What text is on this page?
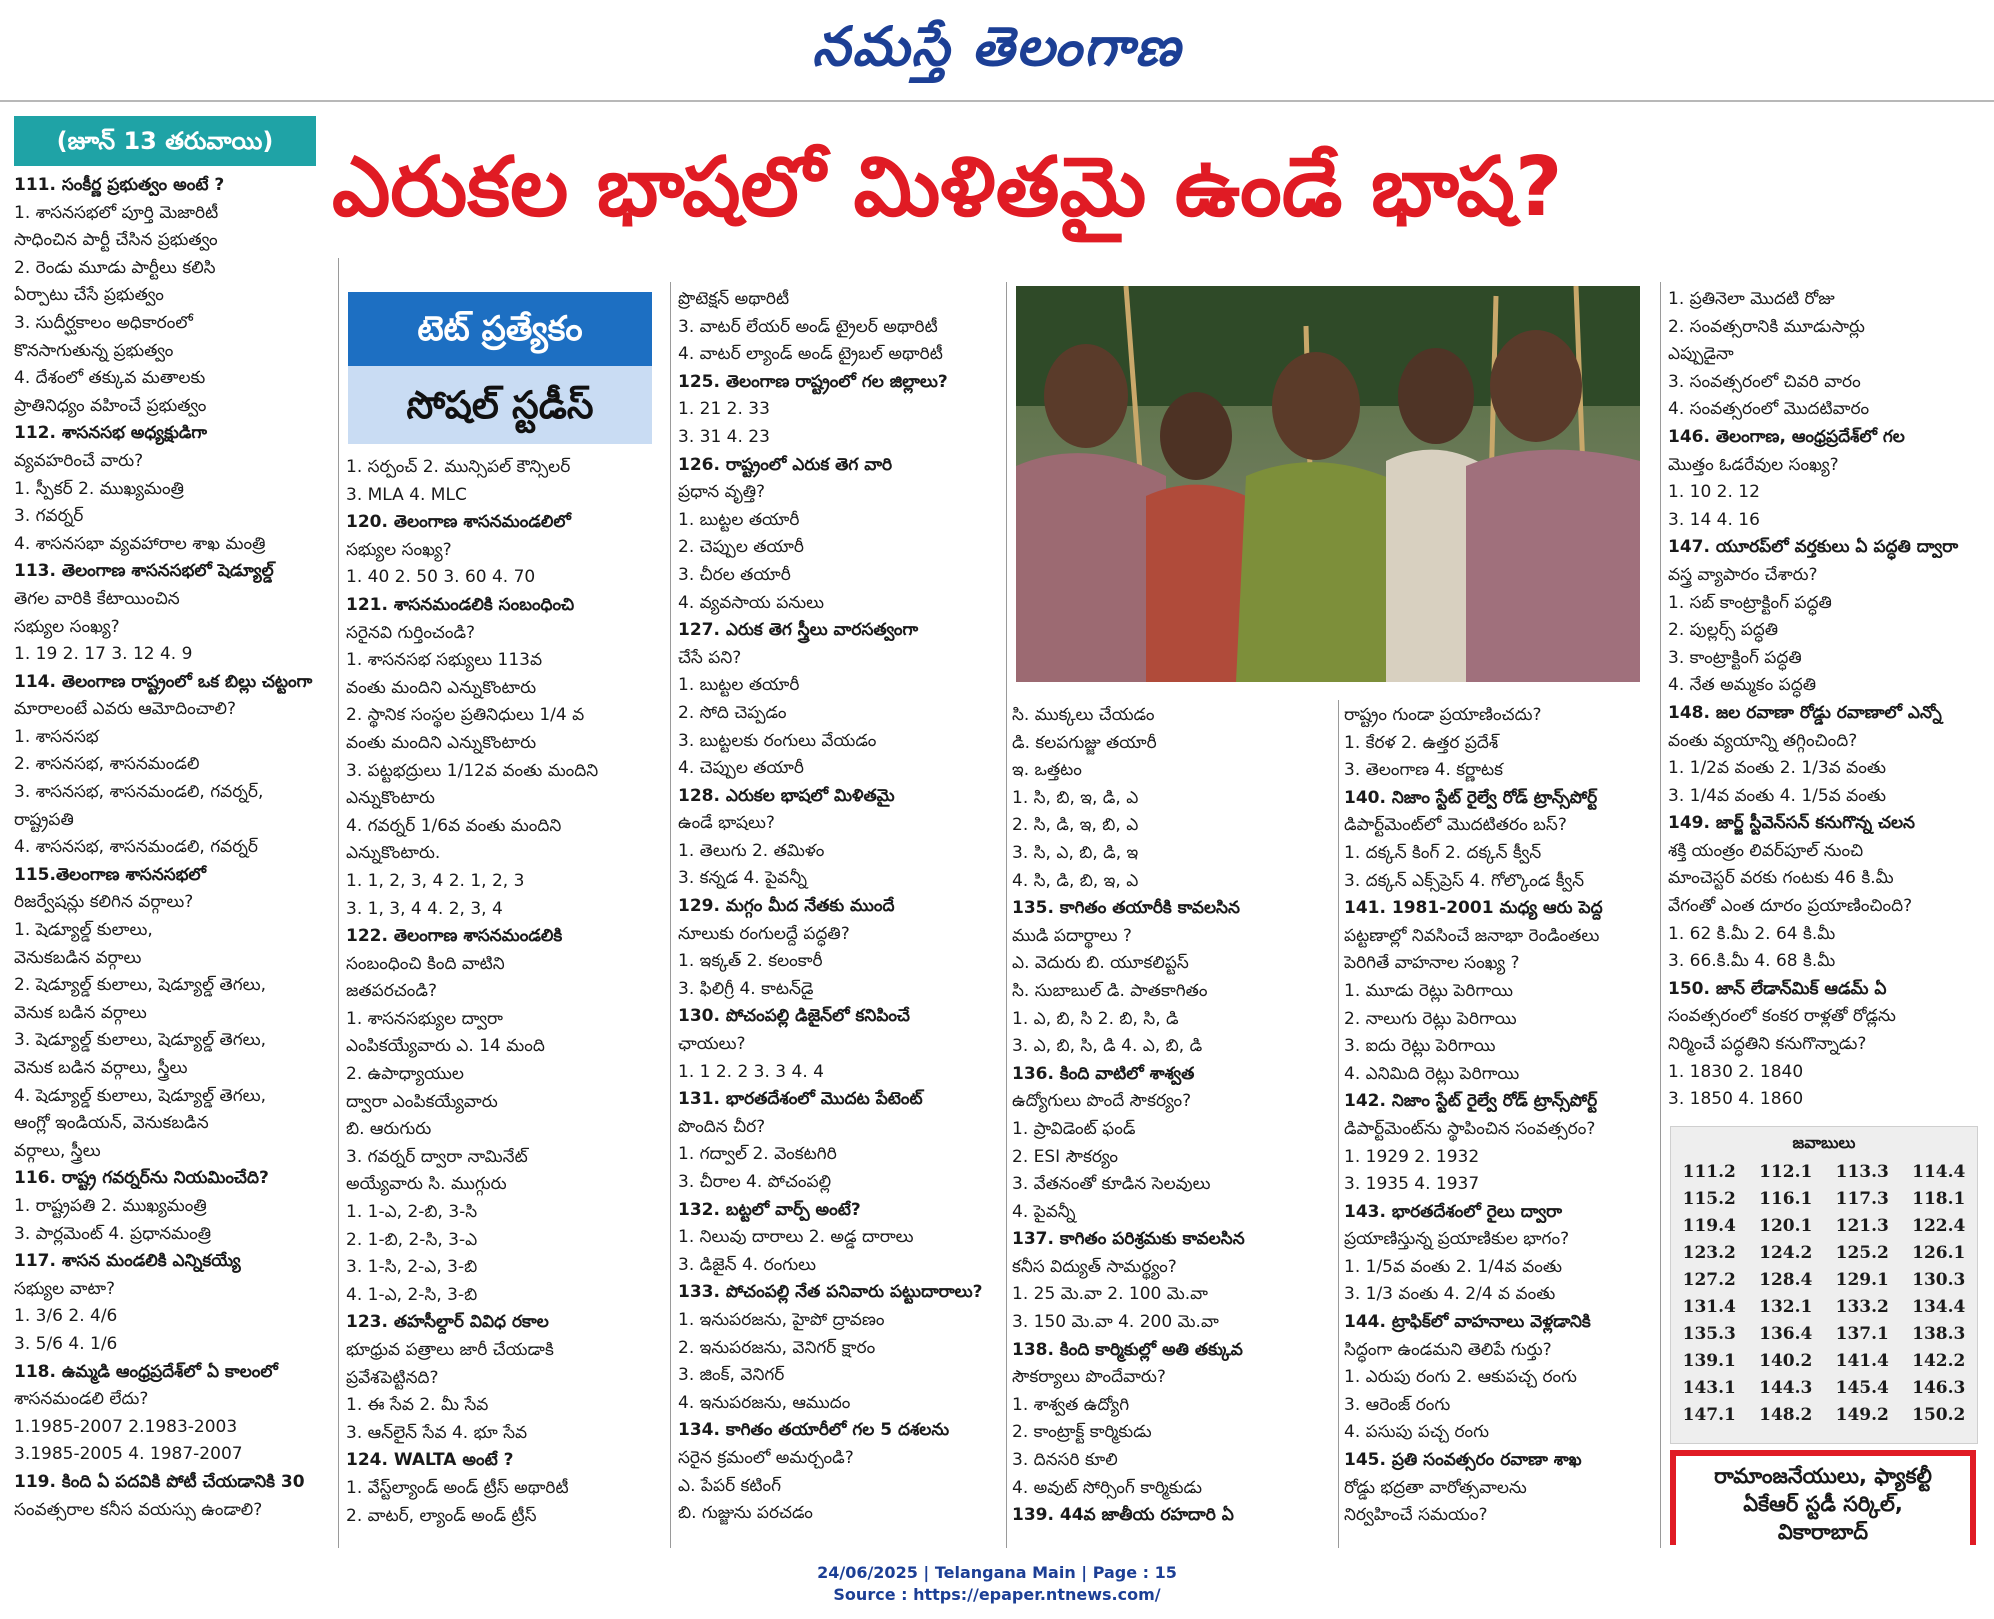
నమస్తే తెలంగాణ
(జూన్ 13 తరువాయి) ఎరుకల భాషలో మిళితమై ఉండే భాష?
111. సంకీర్ణ ప్రభుత్వం అంటే ?
1. శాసనసభలో పూర్తి మెజారిటీ
సాధించిన పార్టీ చేసిన ప్రభుత్వం
2. రెండు మూడు పార్టీలు కలిసి
ఏర్పాటు చేసే ప్రభుత్వం
3. సుదీర్ఘకాలం అధికారంలో
కొనసాగుతున్న ప్రభుత్వం
4. దేశంలో తక్కువ మతాలకు
ప్రాతినిధ్యం వహించే ప్రభుత్వం
112. శాసనసభ అధ్యక్షుడిగా
వ్యవహరించే వారు?
1. స్పీకర్ 2. ముఖ్యమంత్రి
3. గవర్నర్
4. శాసనసభా వ్యవహారాల శాఖ మంత్రి
113. తెలంగాణ శాసనసభలో షెడ్యూల్డ్
తెగల వారికి కేటాయించిన
సభ్యుల సంఖ్య?
1. 19 2. 17 3. 12 4. 9
114. తెలంగాణ రాష్ట్రంలో ఒక బిల్లు చట్టంగా
మారాలంటే ఎవరు ఆమోదించాలి?
1. శాసనసభ
2. శాసనసభ, శాసనమండలి
3. శాసనసభ, శాసనమండలి, గవర్నర్,
రాష్ట్రపతి
4. శాసనసభ, శాసనమండలి, గవర్నర్
115.తెలంగాణ శాసనసభలో
రిజర్వేషన్లు కలిగిన వర్గాలు?
1. షెడ్యూల్డ్ కులాలు,
వెనుకబడిన వర్గాలు
2. షెడ్యూల్డ్ కులాలు, షెడ్యూల్డ్ తెగలు,
వెనుక బడిన వర్గాలు
3. షెడ్యూల్డ్ కులాలు, షెడ్యూల్డ్ తెగలు,
వెనుక బడిన వర్గాలు, స్త్రీలు
4. షెడ్యూల్డ్ కులాలు, షెడ్యూల్డ్ తెగలు,
ఆంగ్లో ఇండియన్, వెనుకబడిన
వర్గాలు, స్త్రీలు
116. రాష్ట్ర గవర్నర్‌ను నియమించేది?
1. రాష్ట్రపతి 2. ముఖ్యమంత్రి
3. పార్లమెంట్ 4. ప్రధానమంత్రి
117. శాసన మండలికి ఎన్నికయ్యే
సభ్యుల వాటా?
1. 3/6 2. 4/6
3. 5/6 4. 1/6
118. ఉమ్మడి ఆంధ్రప్రదేశ్‌లో ఏ కాలంలో
శాసనమండలి లేదు?
1.1985-2007 2.1983-2003
3.1985-2005 4. 1987-2007
119. కింది ఏ పదవికి పోటీ చేయడానికి 30
సంవత్సరాల కనీస వయస్సు ఉండాలి?
టెట్ ప్రత్యేకం
సోషల్ స్టడీస్
1. సర్పంచ్ 2. మున్సిపల్ కౌన్సిలర్
3. MLA 4. MLC
120. తెలంగాణ శాసనమండలిలో
సభ్యుల సంఖ్య?
1. 40 2. 50 3. 60 4. 70
121. శాసనమండలికి సంబంధించి
సరైనవి గుర్తించండి?
1. శాసనసభ సభ్యులు 113వ
వంతు మందిని ఎన్నుకొంటారు
2. స్థానిక సంస్థల ప్రతినిధులు 1/4 వ
వంతు మందిని ఎన్నుకొంటారు
3. పట్టభద్రులు 1/12వ వంతు మందిని
ఎన్నుకొంటారు
4. గవర్నర్ 1/6వ వంతు మందిని
ఎన్నుకొంటారు.
1. 1, 2, 3, 4 2. 1, 2, 3
3. 1, 3, 4 4. 2, 3, 4
122. తెలంగాణ శాసనమండలికి
సంబంధించి కింది వాటిని
జతపరచండి?
1. శాసనసభ్యుల ద్వారా
ఎంపికయ్యేవారు ఎ. 14 మంది
2. ఉపాధ్యాయుల
ద్వారా ఎంపికయ్యేవారు
బి. ఆరుగురు
3. గవర్నర్ ద్వారా నామినేట్
అయ్యేవారు సి. ముగ్గురు
1. 1-ఎ, 2-బి, 3-సి
2. 1-బి, 2-సి, 3-ఎ
3. 1-సి, 2-ఎ, 3-బి
4. 1-ఎ, 2-సి, 3-బి
123. తహసీల్దార్ వివిధ రకాల
భూధ్రువ పత్రాలు జారీ చేయడాకి
ప్రవేశపెట్టినది?
1. ఈ సేవ 2. మీ సేవ
3. ఆన్‌లైన్ సేవ 4. భూ సేవ
124. WALTA అంటే ?
1. వేస్ట్‌ల్యాండ్ అండ్ ట్రీస్ అథారిటీ
2. వాటర్, ల్యాండ్ అండ్ ట్రీస్
ప్రొటెక్షన్ అథారిటీ
3. వాటర్ లేయర్ అండ్ ట్రైలర్ అథారిటీ
4. వాటర్ ల్యాండ్ అండ్ ట్రైబల్ అథారిటీ
125. తెలంగాణ రాష్ట్రంలో గల జిల్లాలు?
1. 21 2. 33
3. 31 4. 23
126. రాష్ట్రంలో ఎరుక తెగ వారి
ప్రధాన వృత్తి?
1. బుట్టల తయారీ
2. చెప్పుల తయారీ
3. చీరల తయారీ
4. వ్యవసాయ పనులు
127. ఎరుక తెగ స్త్రీలు వారసత్వంగా
చేసే పని?
1. బుట్టల తయారీ
2. సోది చెప్పడం
3. బుట్టలకు రంగులు వేయడం
4. చెప్పుల తయారీ
128. ఎరుకల భాషలో మిళితమై
ఉండే భాషలు?
1. తెలుగు 2. తమిళం
3. కన్నడ 4. పైవన్నీ
129. మగ్గం మీద నేతకు ముందే
నూలుకు రంగులద్దే పద్ధతి?
1. ఇక్కత్ 2. కలంకారీ
3. ఫిలిగ్రీ 4. కాటన్‌డై
130. పోచంపల్లి డిజైన్‌లో కనిపించే
ఛాయలు?
1. 1 2. 2 3. 3 4. 4
131. భారతదేశంలో మొదట పేటెంట్
పొందిన చీర?
1. గద్వాల్ 2. వెంకటగిరి
3. చీరాల 4. పోచంపల్లి
132. బట్టలో వార్ప్ అంటే?
1. నిలువు దారాలు 2. అడ్డ దారాలు
3. డిజైన్ 4. రంగులు
133. పోచంపల్లి నేత పనివారు పట్టుదారాలు?
1. ఇనుపరజను, హైపో ద్రావణం
2. ఇనుపరజను, వెనిగర్ క్షారం
3. జింక్, వెనిగర్
4. ఇనుపరజను, ఆముదం
134. కాగితం తయారీలో గల 5 దశలను
సరైన క్రమంలో అమర్చండి?
ఎ. పేపర్ కటింగ్
బి. గుజ్జును పరచడం
సి. ముక్కలు చేయడం
డి. కలపగుజ్జు తయారీ
ఇ. ఒత్తటం
1. సి, బి, ఇ, డి, ఎ
2. సి, డి, ఇ, బి, ఎ
3. సి, ఎ, బి, డి, ఇ
4. సి, డి, బి, ఇ, ఎ
135. కాగితం తయారీకి కావలసిన
ముడి పదార్థాలు ?
ఎ. వెదురు బి. యూకలిప్టస్
సి. సుబాబుల్ డి. పాతకాగితం
1. ఎ, బి, సి 2. బి, సి, డి
3. ఎ, బి, సి, డి 4. ఎ, బి, డి
136. కింది వాటిలో శాశ్వత
ఉద్యోగులు పొందే సౌకర్యం?
1. ప్రావిడెంట్ ఫండ్
2. ESI సౌకర్యం
3. వేతనంతో కూడిన సెలవులు
4. పైవన్నీ
137. కాగితం పరిశ్రమకు కావలసిన
కనీస విద్యుత్ సామర్థ్యం?
1. 25 మె.వా 2. 100 మె.వా
3. 150 మె.వా 4. 200 మె.వా
138. కింది కార్మికుల్లో అతి తక్కువ
సౌకర్యాలు పొందేవారు?
1. శాశ్వత ఉద్యోగి
2. కాంట్రాక్ట్ కార్మికుడు
3. దినసరి కూలి
4. అవుట్ సోర్సింగ్ కార్మికుడు
139. 44వ జాతీయ రహదారి ఏ
రాష్ట్రం గుండా ప్రయాణించదు?
1. కేరళ 2. ఉత్తర ప్రదేశ్
3. తెలంగాణ 4. కర్ణాటక
140. నిజాం స్టేట్ రైల్వే రోడ్ ట్రాన్స్‌పోర్ట్
డిపార్ట్‌మెంట్‌లో మొదటితరం బస్?
1. దక్కన్ కింగ్ 2. దక్కన్ క్వీన్
3. దక్కన్ ఎక్స్‌ప్రెస్ 4. గోల్కొండ క్వీన్
141. 1981-2001 మధ్య ఆరు పెద్ద
పట్టణాల్లో నివసించే జనాభా రెండింతలు
పెరిగితే వాహనాల సంఖ్య ?
1. మూడు రెట్లు పెరిగాయి
2. నాలుగు రెట్లు పెరిగాయి
3. ఐదు రెట్లు పెరిగాయి
4. ఎనిమిది రెట్లు పెరిగాయి
142. నిజాం స్టేట్ రైల్వే రోడ్ ట్రాన్స్‌పోర్ట్
డిపార్ట్‌మెంట్‌ను స్థాపించిన సంవత్సరం?
1. 1929 2. 1932
3. 1935 4. 1937
143. భారతదేశంలో రైలు ద్వారా
ప్రయాణిస్తున్న ప్రయాణికుల భాగం?
1. 1/5వ వంతు 2. 1/4వ వంతు
3. 1/3 వంతు 4. 2/4 వ వంతు
144. ట్రాఫిక్‌లో వాహనాలు వెళ్లడానికి
సిద్ధంగా ఉండమని తెలిపే గుర్తు?
1. ఎరుపు రంగు 2. ఆకుపచ్చ రంగు
3. ఆరెంజ్ రంగు
4. పసుపు పచ్చ రంగు
145. ప్రతి సంవత్సరం రవాణా శాఖ
రోడ్డు భద్రతా వారోత్సవాలను
నిర్వహించే సమయం?
1. ప్రతినెలా మొదటి రోజు
2. సంవత్సరానికి మూడుసార్లు
ఎప్పుడైనా
3. సంవత్సరంలో చివరి వారం
4. సంవత్సరంలో మొదటివారం
146. తెలంగాణ, ఆంధ్రప్రదేశ్‌లో గల
మొత్తం ఓడరేవుల సంఖ్య?
1. 10 2. 12
3. 14 4. 16
147. యూరప్‌లో వర్తకులు ఏ పద్ధతి ద్వారా
వస్త్ర వ్యాపారం చేశారు?
1. సబ్ కాంట్రాక్టింగ్ పద్ధతి
2. పుల్లర్స్ పద్ధతి
3. కాంట్రాక్టింగ్ పద్ధతి
4. నేత అమ్మకం పద్ధతి
148. జల రవాణా రోడ్డు రవాణాలో ఎన్నో
వంతు వ్యయాన్ని తగ్గించింది?
1. 1/2వ వంతు 2. 1/3వ వంతు
3. 1/4వ వంతు 4. 1/5వ వంతు
149. జార్జ్ స్టీవెన్‌సన్ కనుగొన్న చలన
శక్తి యంత్రం లివర్‌పూల్ నుంచి
మాంచెస్టర్ వరకు గంటకు 46 కి.మీ
వేగంతో ఎంత దూరం ప్రయాణించింది?
1. 62 కి.మీ 2. 64 కి.మీ
3. 66.కి.మీ 4. 68 కి.మీ
150. జాన్ లేడాన్‌మిక్ ఆడమ్ ఏ
సంవత్సరంలో కంకర రాళ్లతో రోడ్లను
నిర్మించే పద్ధతిని కనుగొన్నాడు?
1. 1830 2. 1840
3. 1850 4. 1860
జవాబులు
111.2	112.1	113.3	114.4
115.2	116.1	117.3	118.1
119.4	120.1	121.3	122.4
123.2	124.2	125.2	126.1
127.2	128.4	129.1	130.3
131.4	132.1	133.2	134.4
135.3	136.4	137.1	138.3
139.1	140.2	141.4	142.2
143.1	144.3	145.4	146.3
147.1	148.2	149.2	150.2
రామాంజనేయులు, ఫ్యాకల్టీ
ఏకేఆర్ స్టడీ సర్కిల్,
వికారాబాద్
24/06/2025 | Telangana Main | Page : 15
Source : https://epaper.ntnews.com/
